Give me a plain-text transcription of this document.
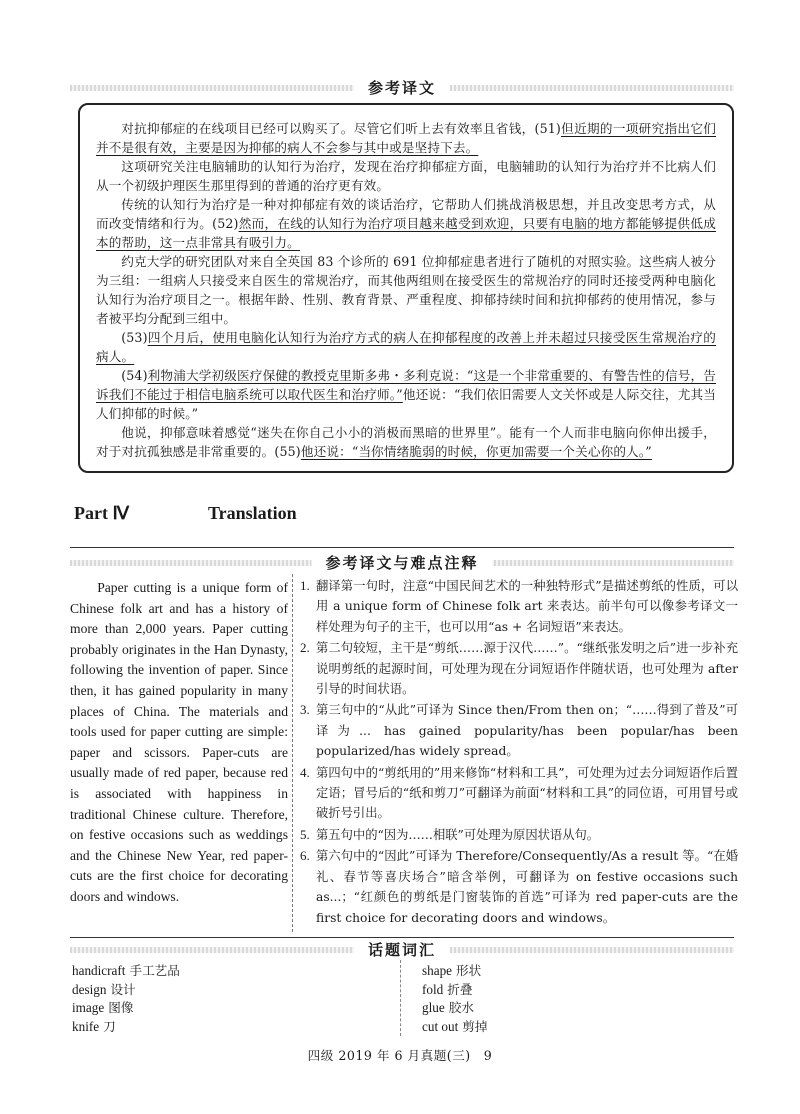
参考译文

对抗抑郁症的在线项目已经可以购买了。尽管它们听上去有效率且省钱，(51)但近期的一项研究指出它们并不是很有效，主要是因为抑郁的病人不会参与其中或是坚持下去。

这项研究关注电脑辅助的认知行为治疗，发现在治疗抑郁症方面，电脑辅助的认知行为治疗并不比病人们从一个初级护理医生那里得到的普通的治疗更有效。

传统的认知行为治疗是一种对抑郁症有效的谈话治疗，它帮助人们挑战消极思想，并且改变思考方式，从而改变情绪和行为。(52)然而，在线的认知行为治疗项目越来越受到欢迎，只要有电脑的地方都能够提供低成本的帮助，这一点非常具有吸引力。

约克大学的研究团队对来自全英国 83 个诊所的 691 位抑郁症患者进行了随机的对照实验。这些病人被分为三组：一组病人只接受来自医生的常规治疗，而其他两组则在接受医生的常规治疗的同时还接受两种电脑化认知行为治疗项目之一。根据年龄、性别、教育背景、严重程度、抑郁持续时间和抗抑郁药的使用情况，参与者被平均分配到三组中。

(53)四个月后，使用电脑化认知行为治疗方式的病人在抑郁程度的改善上并未超过只接受医生常规治疗的病人。

(54)利物浦大学初级医疗保健的教授克里斯多弗・多利克说：“这是一个非常重要的、有警告性的信号，告诉我们不能过于相信电脑系统可以取代医生和治疗师。”他还说：“我们依旧需要人文关怀或是人际交往，尤其当人们抑郁的时候。”

他说，抑郁意味着感觉“迷失在你自己小小的消极而黑暗的世界里”。能有一个人而非电脑向你伸出援手，对于对抗孤独感是非常重要的。(55)他还说：“当你情绪脆弱的时候，你更加需要一个关心你的人。”

Part Ⅳ	Translation
参考译文与难点注释

Paper cutting is a unique form of Chinese folk art and has a history of more than 2,000 years. Paper cutting probably originates in the Han Dynasty, following the invention of paper. Since then, it has gained popularity in many places of China. The materials and tools used for paper cutting are simple: paper and scissors. Paper-cuts are usually made of red paper, because red is associated with happiness in traditional Chinese culture. Therefore, on festive occasions such as weddings and the Chinese New Year, red paper-cuts are the first choice for decorating doors and windows.

1. 翻译第一句时，注意“中国民间艺术的一种独特形式”是描述剪纸的性质，可以用 a unique form of Chinese folk art 来表达。前半句可以像参考译文一样处理为句子的主干，也可以用“as + 名词短语”来表达。
2. 第二句较短，主干是“剪纸……源于汉代……”。“继纸张发明之后”进一步补充说明剪纸的起源时间，可处理为现在分词短语作伴随状语，也可处理为 after 引导的时间状语。
3. 第三句中的“从此”可译为 Since then/From then on；“……得到了普及”可译为... has gained popularity/has been popular/has been popularized/has widely spread。
4. 第四句中的“剪纸用的”用来修饰“材料和工具”，可处理为过去分词短语作后置定语；冒号后的“纸和剪刀”可翻译为前面“材料和工具”的同位语，可用冒号或破折号引出。
5. 第五句中的“因为……相联”可处理为原因状语从句。
6. 第六句中的“因此”可译为 Therefore/Consequently/As a result 等。“在婚礼、春节等喜庆场合”暗含举例，可翻译为 on festive occasions such as...；“红颜色的剪纸是门窗装饰的首选”可译为 red paper-cuts are the first choice for decorating doors and windows。
话题词汇
handicraft 手工艺品
design 设计
image 图像
knife 刀
shape 形状
fold 折叠
glue 胶水
cut out 剪掉
四级 2019 年 6 月真题(三)　9
